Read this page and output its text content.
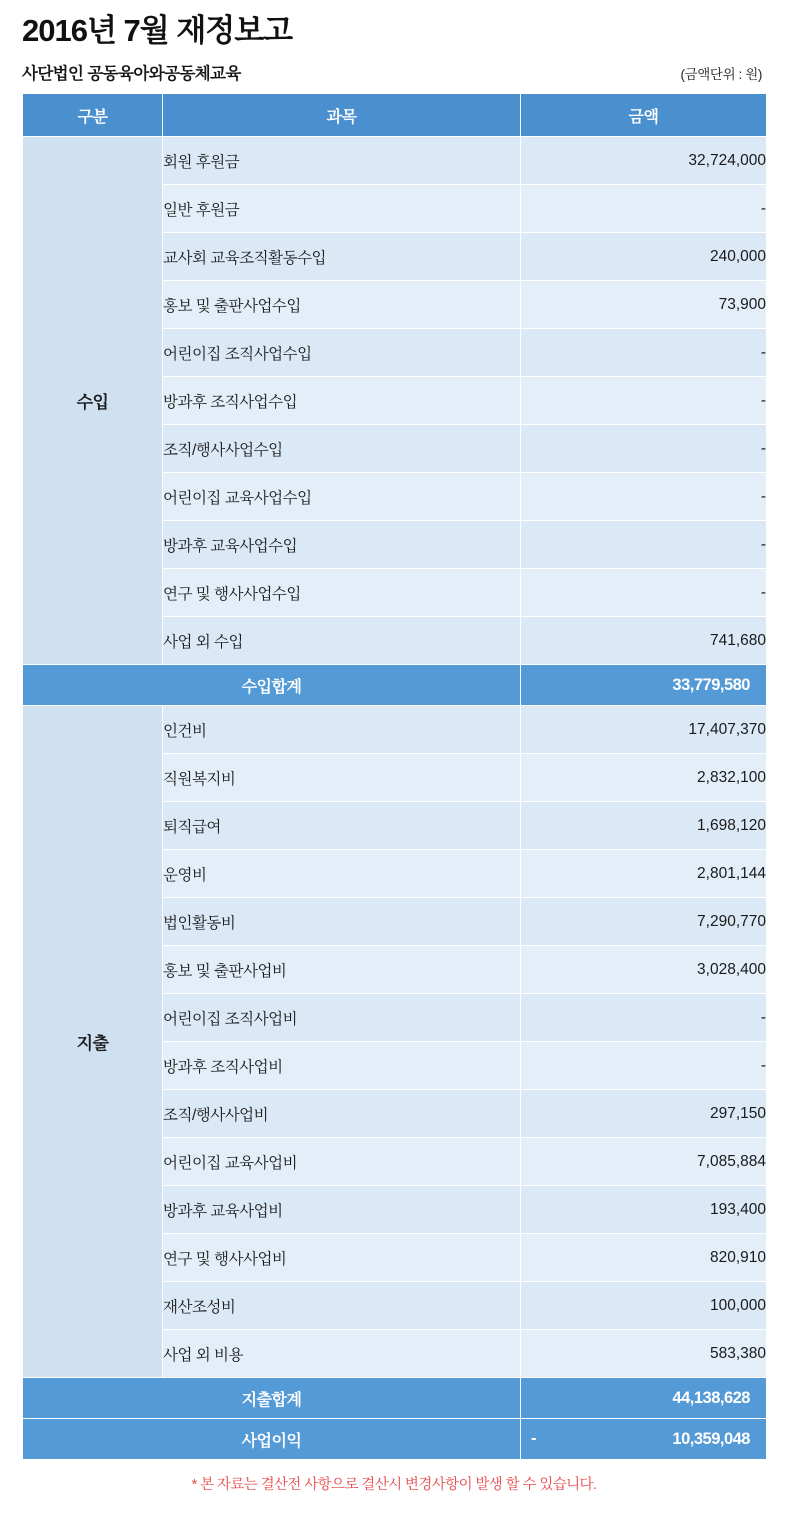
2016년 7월 재정보고
사단법인 공동육아와공동체교육	(금액단위 : 원)
구분	과목	금액
수입	회원 후원금	32,724,000
	일반 후원금	-
	교사회 교육조직활동수입	240,000
	홍보 및 출판사업수입	73,900
	어린이집 조직사업수입	-
	방과후 조직사업수입	-
	조직/행사사업수입	-
	어린이집 교육사업수입	-
	방과후 교육사업수입	-
	연구 및 행사사업수입	-
	사업 외 수입	741,680
수입합계		33,779,580
지출	인건비	17,407,370
	직원복지비	2,832,100
	퇴직급여	1,698,120
	운영비	2,801,144
	법인활동비	7,290,770
	홍보 및 출판사업비	3,028,400
	어린이집 조직사업비	-
	방과후 조직사업비	-
	조직/행사사업비	297,150
	어린이집 교육사업비	7,085,884
	방과후 교육사업비	193,400
	연구 및 행사사업비	820,910
	재산조성비	100,000
	사업 외 비용	583,380
지출합계		44,138,628
사업이익		- 10,359,048
* 본 자료는 결산전 사항으로 결산시 변경사항이 발생 할 수 있습니다.
